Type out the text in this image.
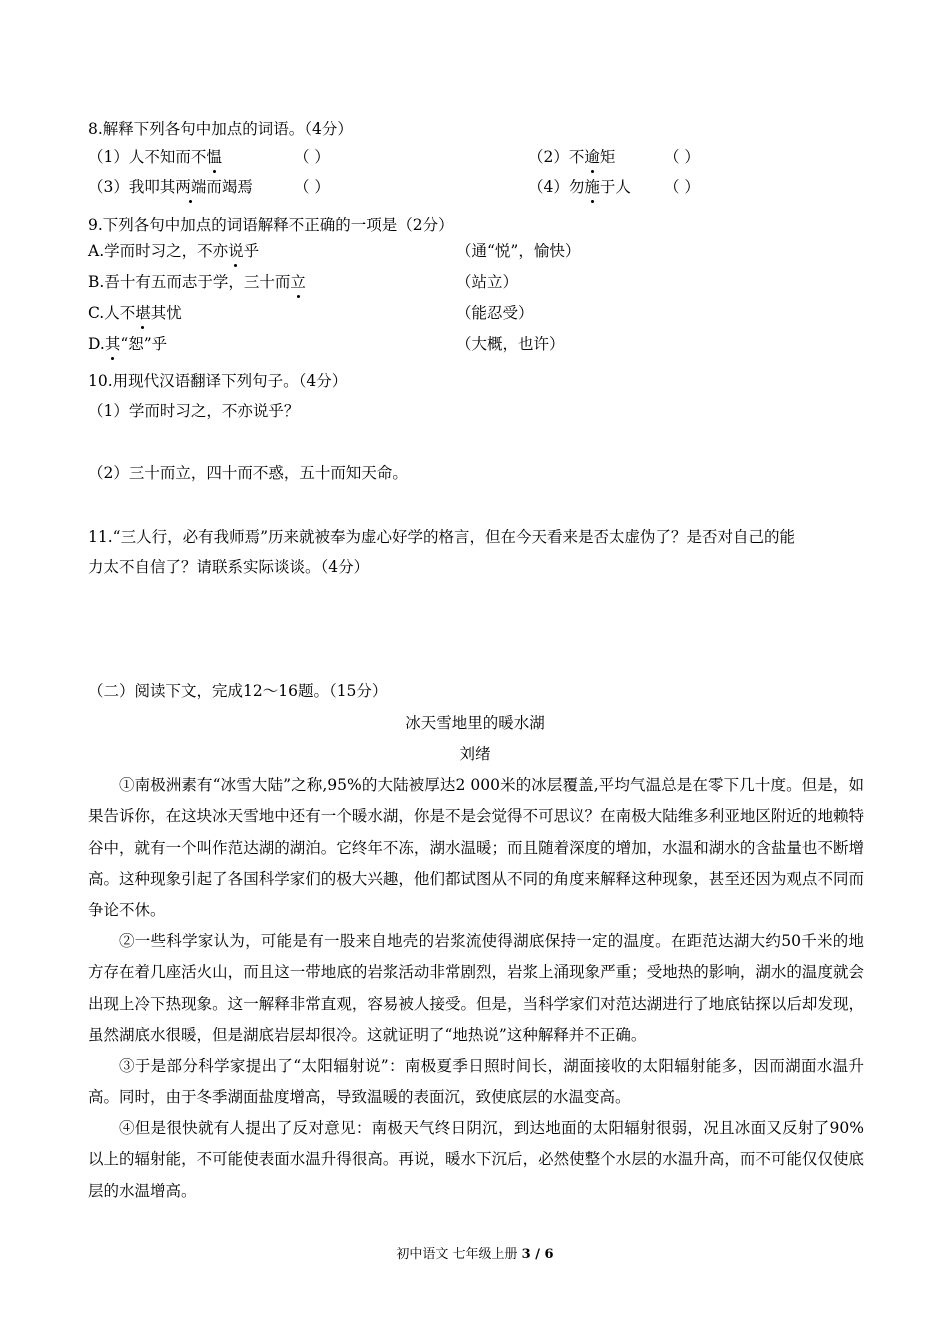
8.解释下列各句中加点的词语。（4分）
（1）人不知而不愠	（ ）	（2）不逾矩	（ ）
（3）我叩其两端而竭焉	（ ）	（4）勿施于人 （ ）
9.下列各句中加点的词语解释不正确的一项是（2分）
A.学而时习之，不亦说乎	（通“悦”，愉快）
B.吾十有五而志于学，三十而立	（站立）
C.人不堪其忧	（能忍受）
D.其“恕”乎	（大概，也许）
10.用现代汉语翻译下列句子。（4分）
（1）学而时习之，不亦说乎？
（2）三十而立，四十而不惑，五十而知天命。
11.“三人行，必有我师焉”历来就被奉为虚心好学的格言，但在今天看来是否太虚伪了？是否对自己的能
力太不自信了？请联系实际谈谈。（4分）
（二）阅读下文，完成12～16题。（15分）
冰天雪地里的暖水湖
刘绪
①南极洲素有“冰雪大陆”之称,95%的大陆被厚达2 000米的冰层覆盖,平均气温总是在零下几十度。但是，如果告诉你，在这块冰天雪地中还有一个暖水湖，你是不是会觉得不可思议？在南极大陆维多利亚地区附近的地赖特谷中，就有一个叫作范达湖的湖泊。它终年不冻，湖水温暖；而且随着深度的增加，水温和湖水的含盐量也不断增高。这种现象引起了各国科学家们的极大兴趣，他们都试图从不同的角度来解释这种现象，甚至还因为观点不同而争论不休。
②一些科学家认为，可能是有一股来自地壳的岩浆流使得湖底保持一定的温度。在距范达湖大约50千米的地方存在着几座活火山，而且这一带地底的岩浆活动非常剧烈，岩浆上涌现象严重；受地热的影响，湖水的温度就会出现上冷下热现象。这一解释非常直观，容易被人接受。但是，当科学家们对范达湖进行了地底钻探以后却发现，虽然湖底水很暖，但是湖底岩层却很冷。这就证明了“地热说”这种解释并不正确。
③于是部分科学家提出了“太阳辐射说”：南极夏季日照时间长，湖面接收的太阳辐射能多，因而湖面水温升高。同时，由于冬季湖面盐度增高，导致温暖的表面沉，致使底层的水温变高。
④但是很快就有人提出了反对意见：南极天气终日阴沉，到达地面的太阳辐射很弱，况且冰面又反射了90%以上的辐射能，不可能使表面水温升得很高。再说，暖水下沉后，必然使整个水层的水温升高，而不可能仅仅使底层的水温增高。
初中语文 七年级上册 3 / 6
